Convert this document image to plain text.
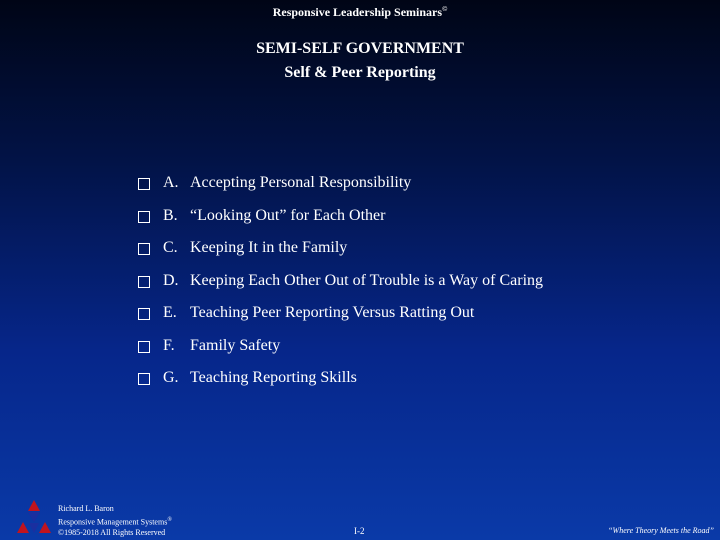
Responsive Leadership Seminars©
SEMI-SELF GOVERNMENT
Self & Peer Reporting
A. Accepting Personal Responsibility
B. “Looking Out” for Each Other
C. Keeping It in the Family
D. Keeping Each Other Out of Trouble is a Way of Caring
E. Teaching Peer Reporting Versus Ratting Out
F. Family Safety
G. Teaching Reporting Skills
Richard L. Baron
Responsive Management Systems®
©1985-2018 All Rights Reserved	I-2	“Where Theory Meets the Road”
